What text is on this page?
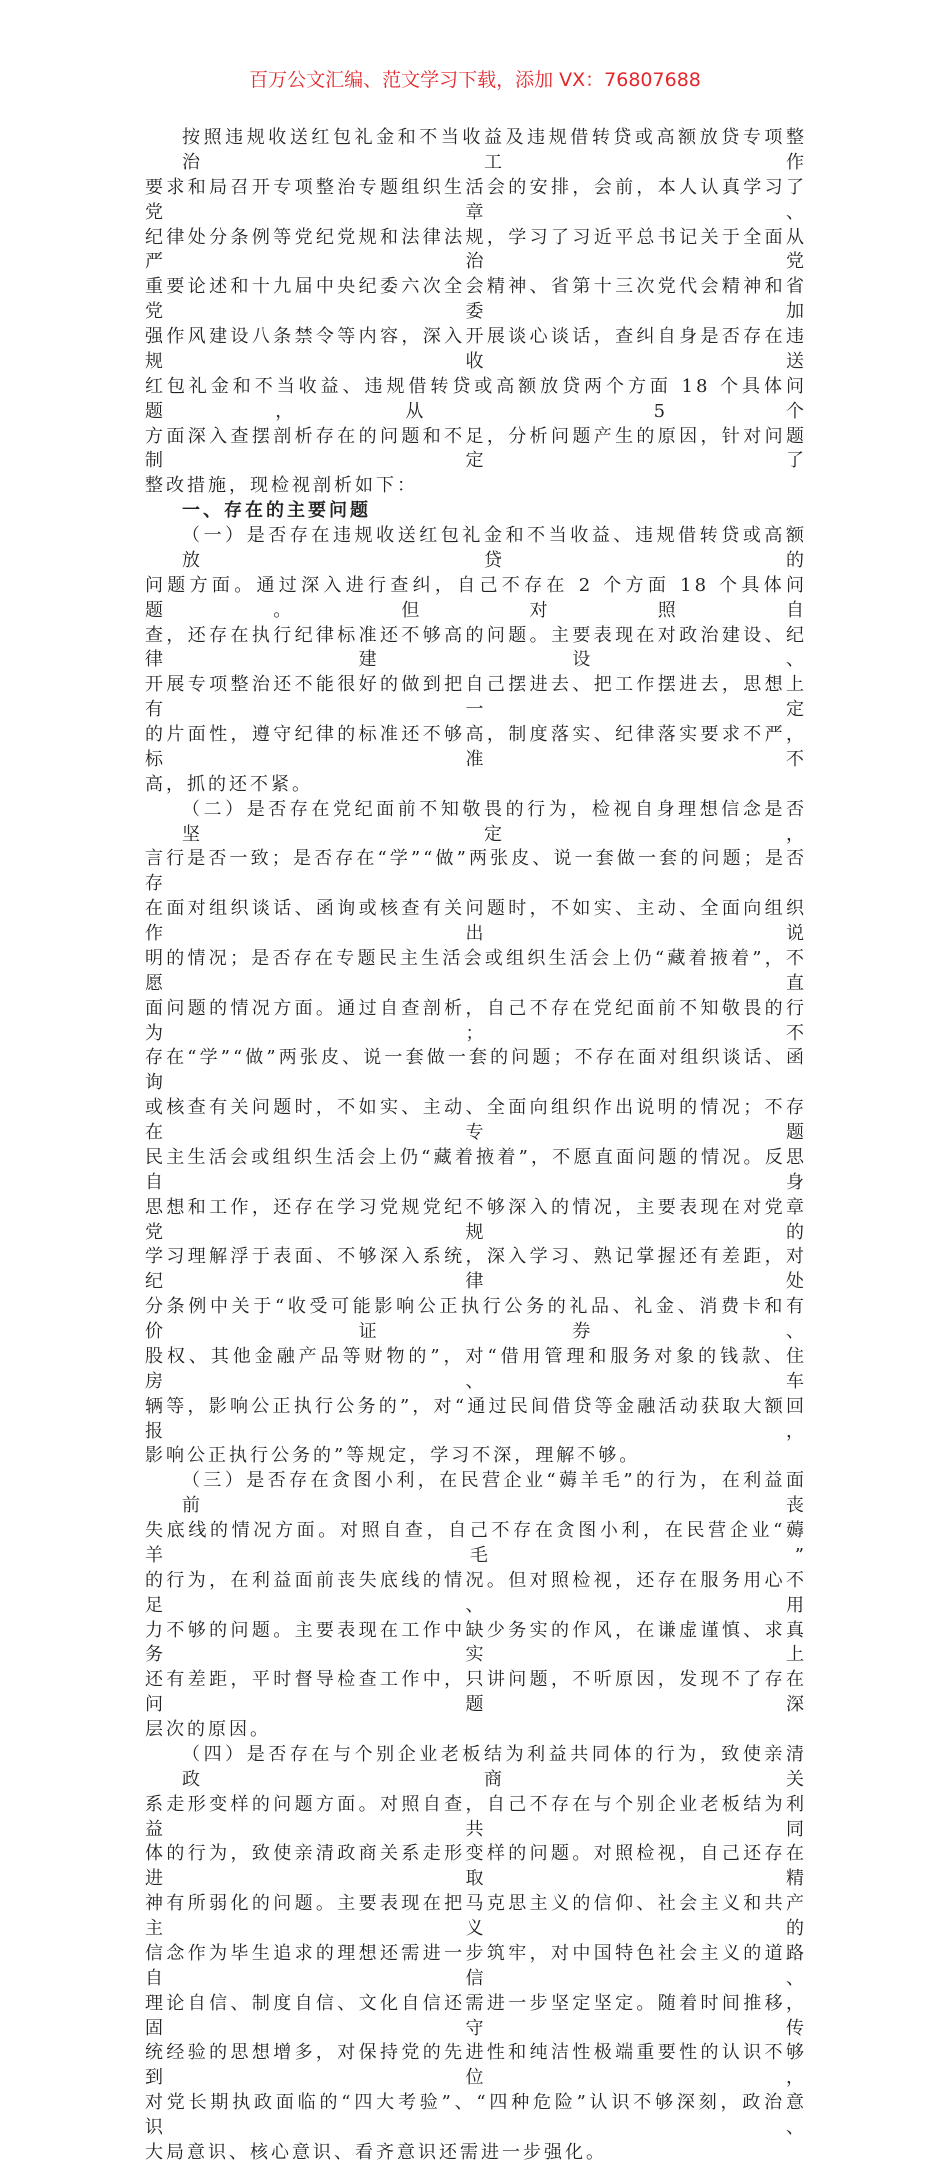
百万公文汇编、范文学习下载，添加 VX：76807688
按照违规收送红包礼金和不当收益及违规借转贷或高额放贷专项整治工作
要求和局召开专项整治专题组织生活会的安排，会前，本人认真学习了党章、
纪律处分条例等党纪党规和法律法规，学习了习近平总书记关于全面从严治党
重要论述和十九届中央纪委六次全会精神、省第十三次党代会精神和省党委加
强作风建设八条禁令等内容，深入开展谈心谈话，查纠自身是否存在违规收送
红包礼金和不当收益、违规借转贷或高额放贷两个方面 18 个具体问题，从 5 个
方面深入查摆剖析存在的问题和不足，分析问题产生的原因，针对问题制定了
整改措施，现检视剖析如下：
一、存在的主要问题
（一）是否存在违规收送红包礼金和不当收益、违规借转贷或高额放贷的
问题方面。通过深入进行查纠，自己不存在 2 个方面 18 个具体问题。但对照自
查，还存在执行纪律标准还不够高的问题。主要表现在对政治建设、纪律建设、
开展专项整治还不能很好的做到把自己摆进去、把工作摆进去，思想上有一定
的片面性，遵守纪律的标准还不够高，制度落实、纪律落实要求不严，标准不
高，抓的还不紧。
（二）是否存在党纪面前不知敬畏的行为，检视自身理想信念是否坚定，
言行是否一致；是否存在“学”“做”两张皮、说一套做一套的问题；是否存
在面对组织谈话、函询或核查有关问题时，不如实、主动、全面向组织作出说
明的情况；是否存在专题民主生活会或组织生活会上仍“藏着掖着”，不愿直
面问题的情况方面。通过自查剖析，自己不存在党纪面前不知敬畏的行为；不
存在“学”“做”两张皮、说一套做一套的问题；不存在面对组织谈话、函询
或核查有关问题时，不如实、主动、全面向组织作出说明的情况；不存在专题
民主生活会或组织生活会上仍“藏着掖着”，不愿直面问题的情况。反思自身
思想和工作，还存在学习党规党纪不够深入的情况，主要表现在对党章党规的
学习理解浮于表面、不够深入系统，深入学习、熟记掌握还有差距，对纪律处
分条例中关于“收受可能影响公正执行公务的礼品、礼金、消费卡和有价证券、
股权、其他金融产品等财物的”，对“借用管理和服务对象的钱款、住房、车
辆等，影响公正执行公务的”，对“通过民间借贷等金融活动获取大额回报，
影响公正执行公务的”等规定，学习不深，理解不够。
（三）是否存在贪图小利，在民营企业“薅羊毛”的行为，在利益面前丧
失底线的情况方面。对照自查，自己不存在贪图小利，在民营企业“薅羊毛”
的行为，在利益面前丧失底线的情况。但对照检视，还存在服务用心不足、用
力不够的问题。主要表现在工作中缺少务实的作风，在谦虚谨慎、求真务实上
还有差距，平时督导检查工作中，只讲问题，不听原因，发现不了存在问题深
层次的原因。
（四）是否存在与个别企业老板结为利益共同体的行为，致使亲清政商关
系走形变样的问题方面。对照自查，自己不存在与个别企业老板结为利益共同
体的行为，致使亲清政商关系走形变样的问题。对照检视，自己还存在进取精
神有所弱化的问题。主要表现在把马克思主义的信仰、社会主义和共产主义的
信念作为毕生追求的理想还需进一步筑牢，对中国特色社会主义的道路自信、
理论自信、制度自信、文化自信还需进一步坚定坚定。随着时间推移，固守传
统经验的思想增多，对保持党的先进性和纯洁性极端重要性的认识不够到位，
对党长期执政面临的“四大考验”、“四种危险”认识不够深刻，政治意识、
大局意识、核心意识、看齐意识还需进一步强化。
